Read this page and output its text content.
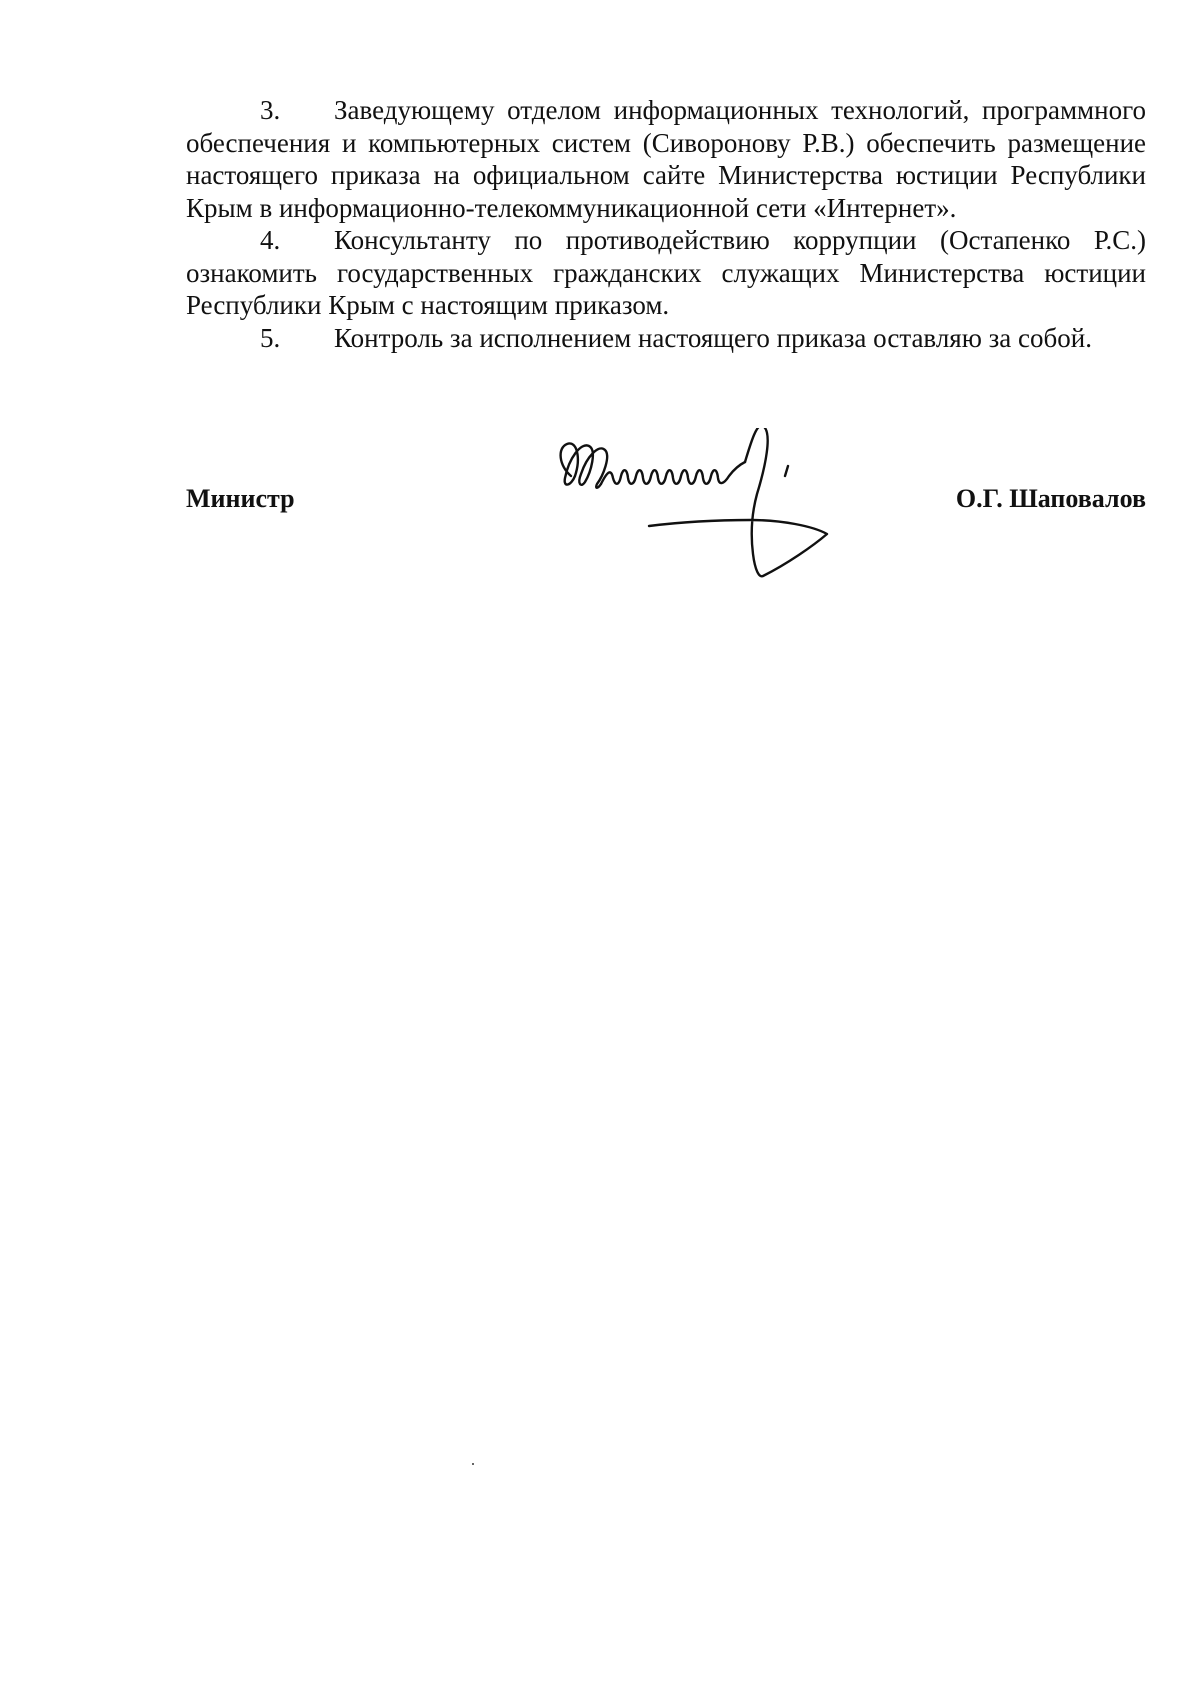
3. Заведующему отделом информационных технологий, программного обеспечения и компьютерных систем (Сиворонову Р.В.) обеспечить размещение настоящего приказа на официальном сайте Министерства юстиции Республики Крым в информационно-телекоммуникационной сети «Интернет».

4. Консультанту по противодействию коррупции (Остапенко Р.С.) ознакомить государственных гражданских служащих Министерства юстиции Республики Крым с настоящим приказом.

5. Контроль за исполнением настоящего приказа оставляю за собой.

Министр	О.Г. Шаповалов
